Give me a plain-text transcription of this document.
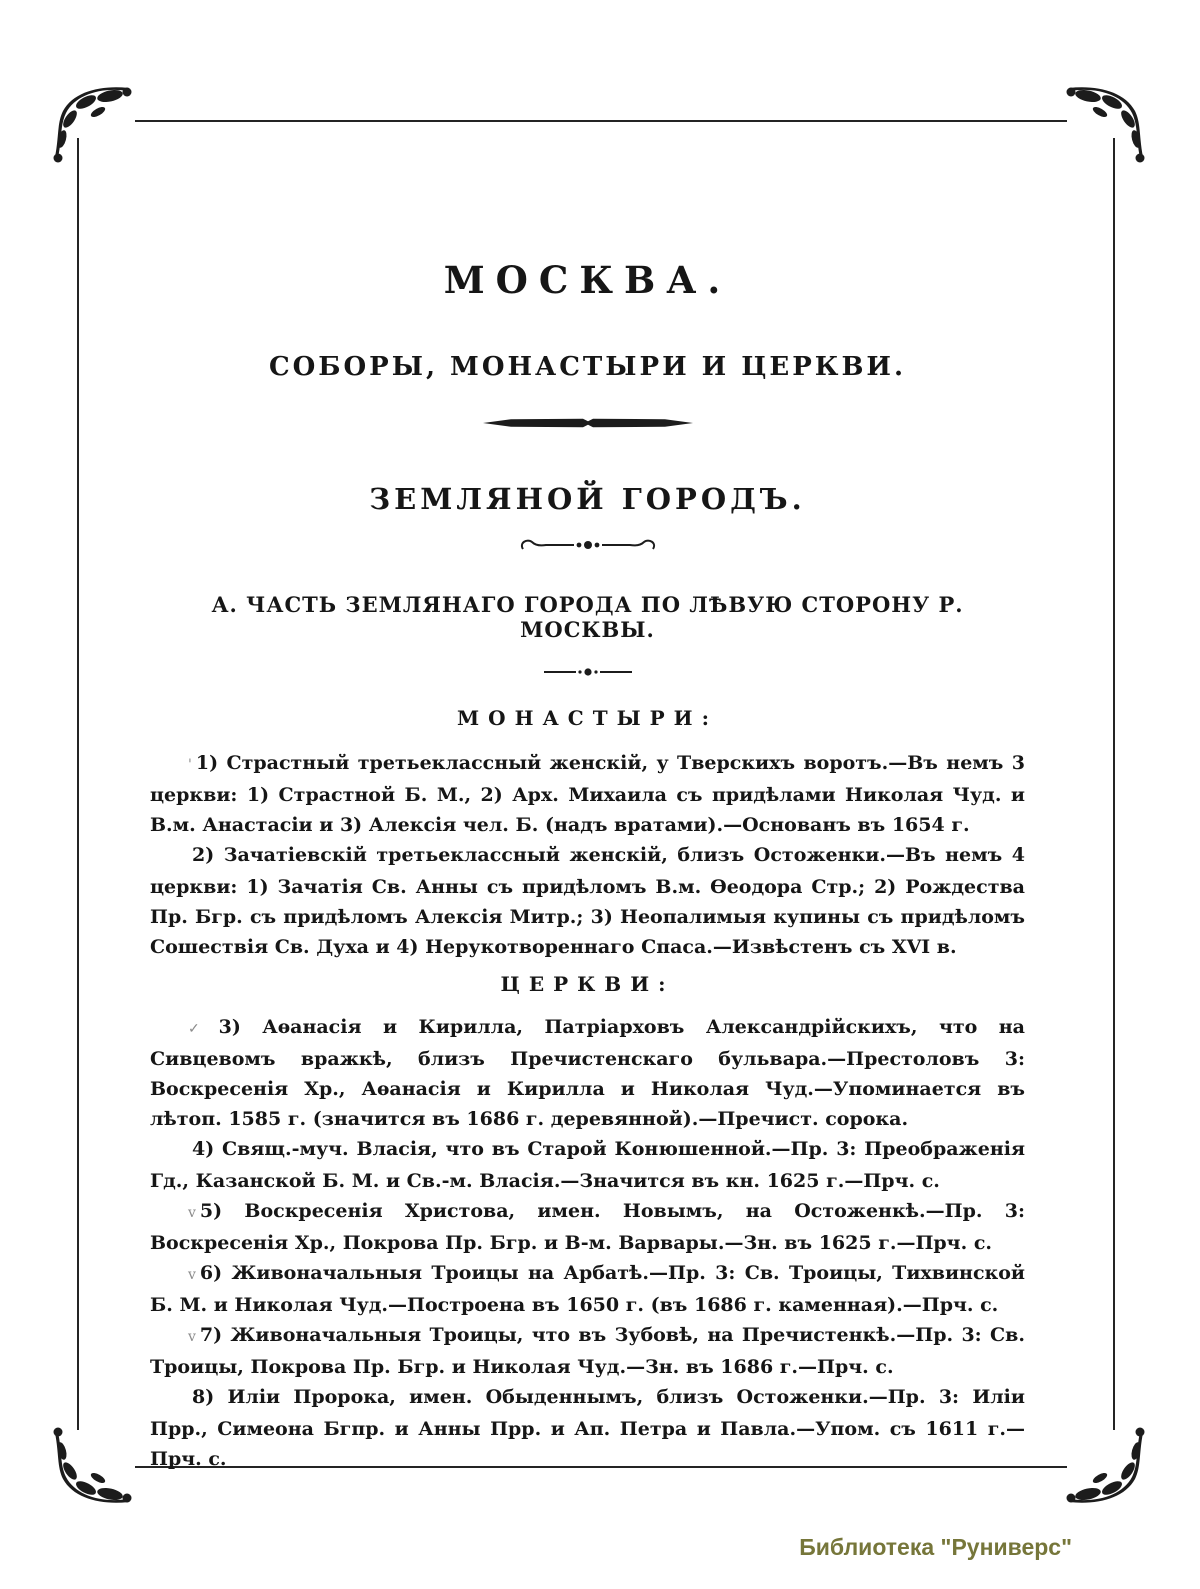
МОСКВА.
СОБОРЫ, МОНАСТЫРИ И ЦЕРКВИ.
ЗЕМЛЯНОЙ ГОРОДЪ.
А. ЧАСТЬ ЗЕМЛЯНАГО ГОРОДА ПО ЛѢВУЮ СТОРОНУ Р. МОСКВЫ.
МОНАСТЫРИ:

' 1) Страстный третьеклассный женскій, у Тверскихъ воротъ.—Въ немъ 3 церкви: 1) Страстной Б. М., 2) Арх. Михаила съ придѣлами Николая Чуд. и В.м. Анастасіи и 3) Алексія чел. Б. (надъ вратами).—Основанъ въ 1654 г.

2) Зачатіевскій третьеклассный женскій, близъ Остоженки.—Въ немъ 4 церкви: 1) Зачатія Св. Анны съ придѣломъ В.м. Ѳеодора Стр.; 2) Рождества Пр. Бгр. съ придѣломъ Алексія Митр.; 3) Неопалимыя купины съ придѣломъ Сошествія Св. Духа и 4) Нерукотвореннаго Спаса.—Извѣстенъ съ XVI в.

ЦЕРКВИ:

✓ 3) Аѳанасія и Кирилла, Патріарховъ Александрійскихъ, что на Сивцевомъ вражкѣ, близъ Пречистенскаго бульвара.—Престоловъ 3: Воскресенія Хр., Аѳанасія и Кирилла и Николая Чуд.—Упоминается въ лѣтоп. 1585 г. (значится въ 1686 г. деревянной).—Пречист. сорока.

4) Свящ.-муч. Власія, что въ Старой Конюшенной.—Пр. 3: Преображенія Гд., Казанской Б. М. и Св.-м. Власія.—Значится въ кн. 1625 г.—Прч. с.

v 5) Воскресенія Христова, имен. Новымъ, на Остоженкѣ.—Пр. 3: Воскресенія Хр., Покрова Пр. Бгр. и В-м. Варвары.—Зн. въ 1625 г.—Прч. с.

v 6) Живоначальныя Троицы на Арбатѣ.—Пр. 3: Св. Троицы, Тихвинской Б. М. и Николая Чуд.—Построена въ 1650 г. (въ 1686 г. каменная).—Прч. с.

v 7) Живоначальныя Троицы, что въ Зубовѣ, на Пречистенкѣ.—Пр. 3: Св. Троицы, Покрова Пр. Бгр. и Николая Чуд.—Зн. въ 1686 г.—Прч. с.

8) Иліи Пророка, имен. Обыденнымъ, близъ Остоженки.—Пр. 3: Иліи Прр., Симеона Бгпр. и Анны Прр. и Ап. Петра и Павла.—Упом. съ 1611 г.—Прч. с.

Библиотека "Руниверс"
